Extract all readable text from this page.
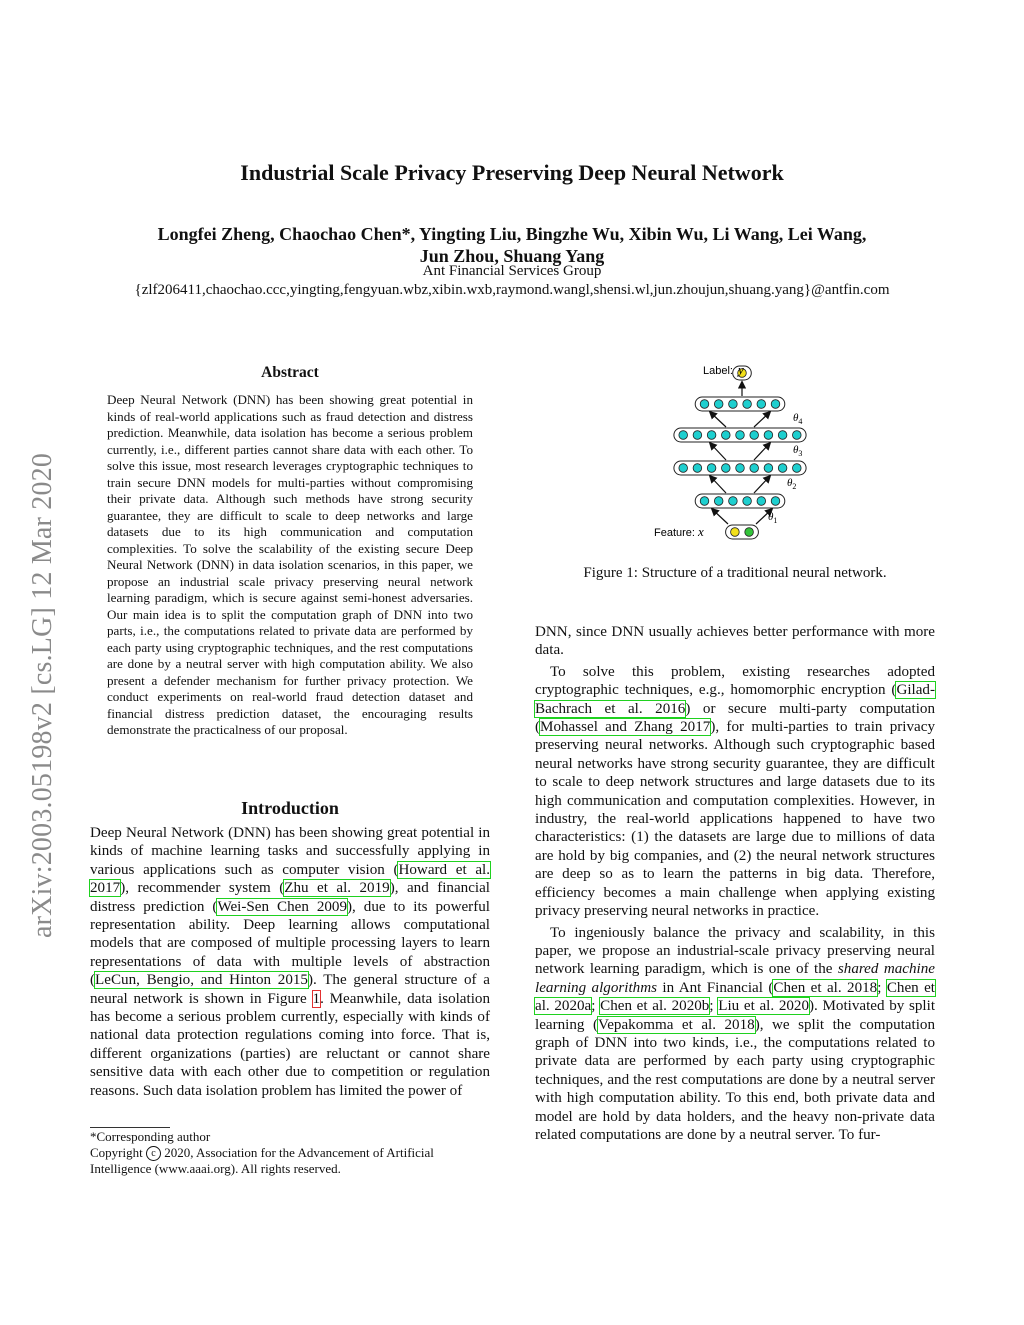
Industrial Scale Privacy Preserving Deep Neural Network
Longfei Zheng, Chaochao Chen*, Yingting Liu, Bingzhe Wu, Xibin Wu, Li Wang, Lei Wang,
Jun Zhou, Shuang Yang
Ant Financial Services Group
{zlf206411,chaochao.ccc,yingting,fengyuan.wbz,xibin.wxb,raymond.wangl,shensi.wl,jun.zhoujun,shuang.yang}@antfin.com
arXiv:2003.05198v2 [cs.LG] 12 Mar 2020
Abstract
Deep Neural Network (DNN) has been showing great potential in kinds of real-world applications such as fraud detection and distress prediction. Meanwhile, data isolation has become a serious problem currently, i.e., different parties cannot share data with each other. To solve this issue, most research leverages cryptographic techniques to train secure DNN models for multi-parties without compromising their private data. Although such methods have strong security guarantee, they are difficult to scale to deep networks and large datasets due to its high communication and computation complexities. To solve the scalability of the existing secure Deep Neural Network (DNN) in data isolation scenarios, in this paper, we propose an industrial scale privacy preserving neural network learning paradigm, which is secure against semi-honest adversaries. Our main idea is to split the computation graph of DNN into two parts, i.e., the computations related to private data are performed by each party using cryptographic techniques, and the rest computations are done by a neutral server with high computation ability. We also present a defender mechanism for further privacy protection. We conduct experiments on real-world fraud detection dataset and financial distress prediction dataset, the encouraging results demonstrate the practicalness of our proposal.
Introduction

Deep Neural Network (DNN) has been showing great potential in kinds of machine learning tasks and successfully applying in various applications such as computer vision (Howard et al. 2017), recommender system (Zhu et al. 2019), and financial distress prediction (Wei-Sen Chen 2009), due to its powerful representation ability. Deep learning allows computational models that are composed of multiple processing layers to learn representations of data with multiple levels of abstraction (LeCun, Bengio, and Hinton 2015). The general structure of a neural network is shown in Figure 1. Meanwhile, data isolation has become a serious problem currently, especially with kinds of national data protection regulations coming into force. That is, different organizations (parties) are reluctant or cannot share sensitive data with each other due to competition or regulation reasons. Such data isolation problem has limited the power of

*Corresponding author
Copyright c 2020, Association for the Advancement of Artificial Intelligence (www.aaai.org). All rights reserved.
Label: y
Feature: x
$\theta_4$
$\theta_3$
$\theta_2$
$\theta_1$
Figure 1: Structure of a traditional neural network.

DNN, since DNN usually achieves better performance with more data.

To solve this problem, existing researches adopted cryptographic techniques, e.g., homomorphic encryption (Gilad-Bachrach et al. 2016) or secure multi-party computation (Mohassel and Zhang 2017), for multi-parties to train privacy preserving neural networks. Although such cryptographic based neural networks have strong security guarantee, they are difficult to scale to deep network structures and large datasets due to its high communication and computation complexities. However, in industry, the real-world applications happened to have two characteristics: (1) the datasets are large due to millions of data are hold by big companies, and (2) the neural network structures are deep so as to learn the patterns in big data. Therefore, efficiency becomes a main challenge when applying existing privacy preserving neural networks in practice.

To ingeniously balance the privacy and scalability, in this paper, we propose an industrial-scale privacy preserving neural network learning paradigm, which is one of the shared machine learning algorithms in Ant Financial (Chen et al. 2018; Chen et al. 2020a; Chen et al. 2020b; Liu et al. 2020). Motivated by split learning (Vepakomma et al. 2018), we split the computation graph of DNN into two kinds, i.e., the computations related to private data are performed by each party using cryptographic techniques, and the rest computations are done by a neutral server with high computation ability. To this end, both private data and model are hold by data holders, and the heavy non-private data related computations are done by a neutral server. To fur-
